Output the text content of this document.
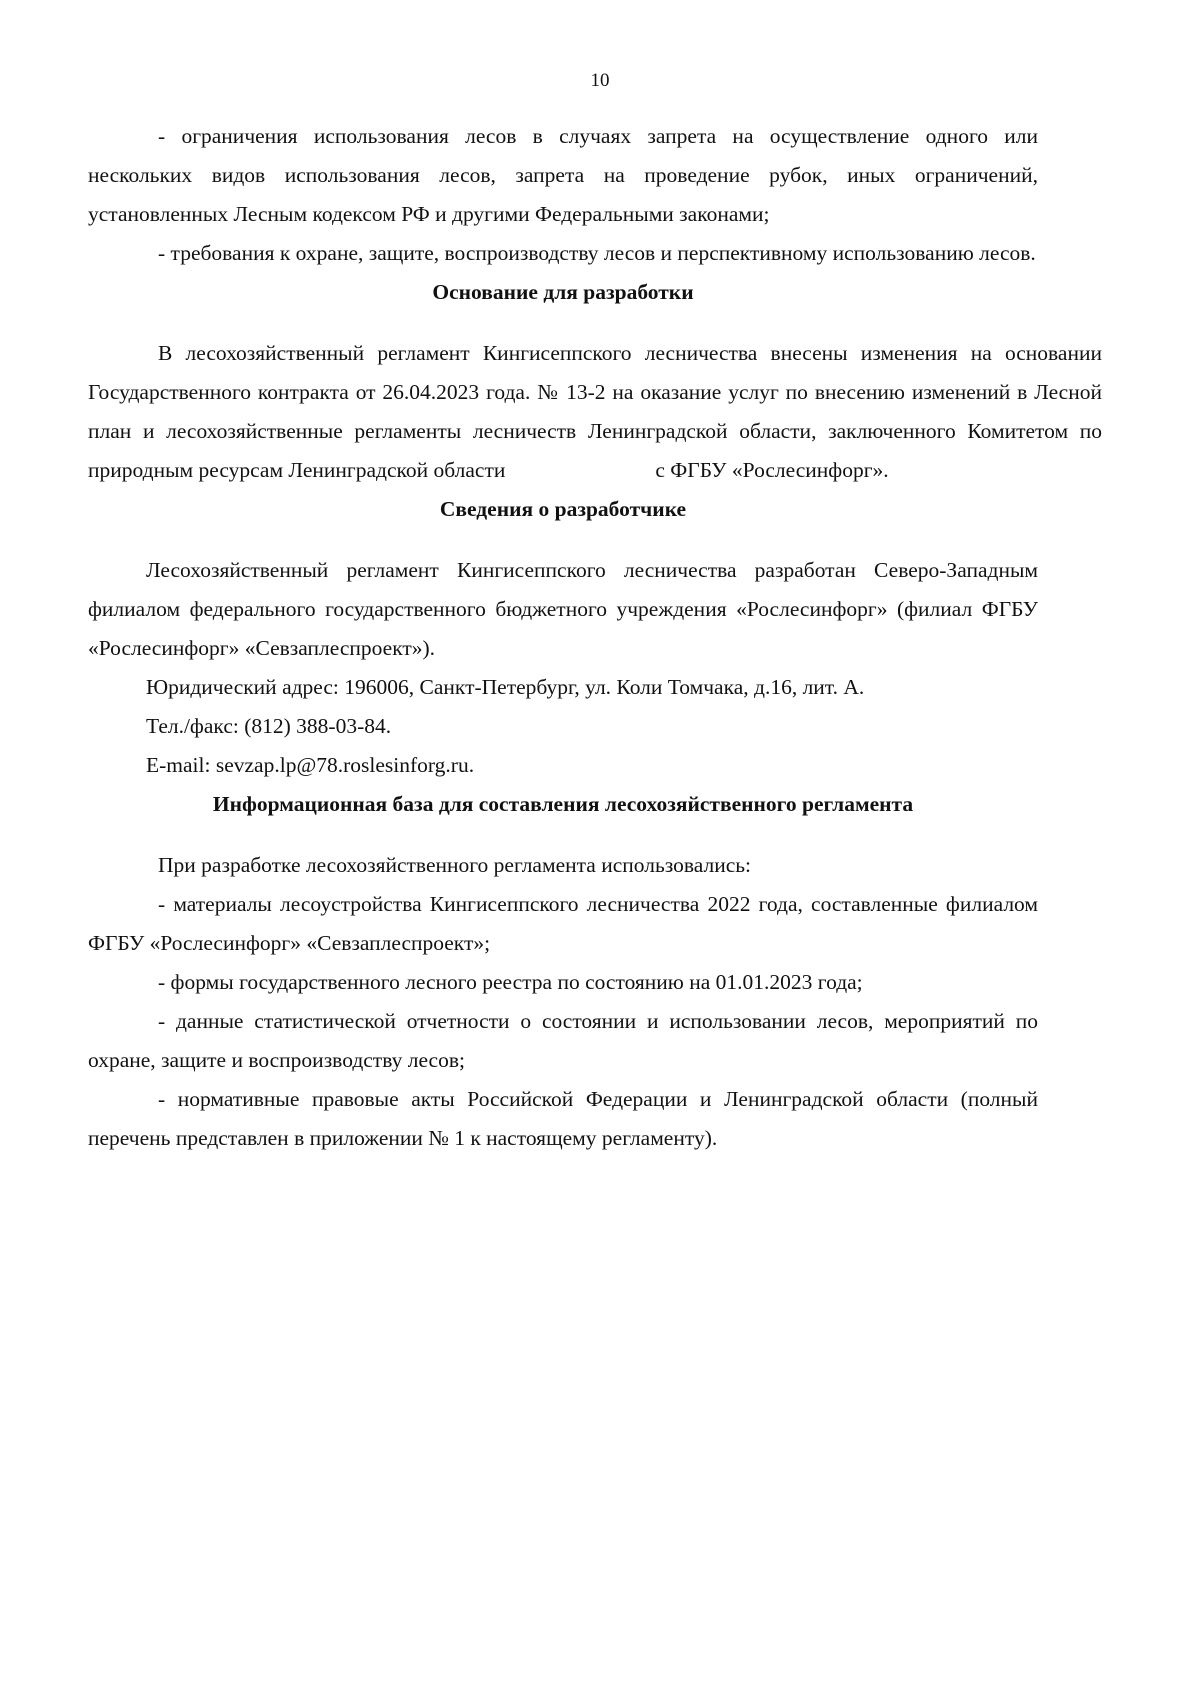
10

- ограничения использования лесов в случаях запрета на осуществление одного или нескольких видов использования лесов, запрета на проведение рубок, иных ограничений, установленных Лесным кодексом РФ и другими Федеральными законами;

- требования к охране, защите, воспроизводству лесов и перспективному использованию лесов.

Основание для разработки

В лесохозяйственный регламент Кингисеппского лесничества внесены изменения на основании Государственного контракта от 26.04.2023 года. № 13-2 на оказание услуг по внесению изменений в Лесной план и лесохозяйственные регламенты лесничеств Ленинградской области, заключенного Комитетом по природным ресурсам Ленинградской области	с ФГБУ «Рослесинфорг».

Сведения о разработчике

Лесохозяйственный регламент Кингисеппского лесничества разработан Северо-Западным филиалом федерального государственного бюджетного учреждения «Рослесинфорг» (филиал ФГБУ «Рослесинфорг» «Севзаплеспроект»).

Юридический адрес: 196006, Санкт-Петербург, ул. Коли Томчака, д.16, лит. А.

Тел./факс: (812) 388-03-84.

E-mail: sevzap.lp@78.roslesinforg.ru.

Информационная база для составления лесохозяйственного регламента

При разработке лесохозяйственного регламента использовались:

- материалы лесоустройства Кингисеппского лесничества 2022 года, составленные филиалом ФГБУ «Рослесинфорг» «Севзаплеспроект»;

- формы государственного лесного реестра по состоянию на 01.01.2023 года;

- данные статистической отчетности о состоянии и использовании лесов, мероприятий по охране, защите и воспроизводству лесов;

- нормативные правовые акты Российской Федерации и Ленинградской области (полный перечень представлен в приложении № 1 к настоящему регламенту).
